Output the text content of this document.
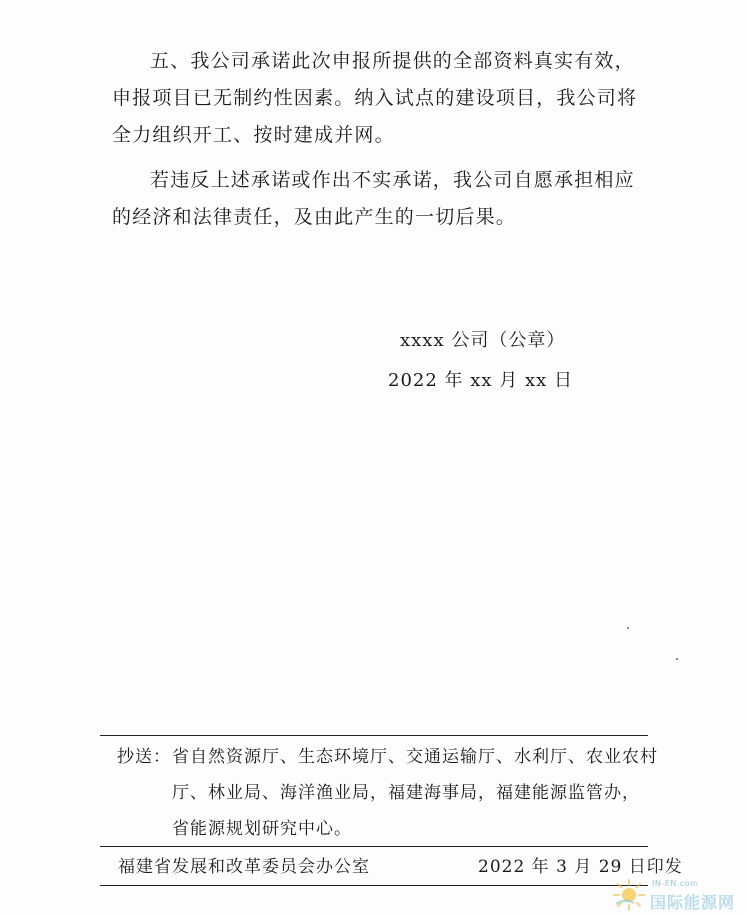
五、我公司承诺此次申报所提供的全部资料真实有效，
申报项目已无制约性因素。纳入试点的建设项目，我公司将
全力组织开工、按时建成并网。

若违反上述承诺或作出不实承诺，我公司自愿承担相应
的经济和法律责任，及由此产生的一切后果。

xxxx 公司（公章）
2022 年 xx 月 xx 日
抄送： 省自然资源厅、生态环境厅、交通运输厅、水利厅、农业农村
厅、林业局、海洋渔业局，福建海事局，福建能源监管办，
省能源规划研究中心。
福建省发展和改革委员会办公室	2022 年 3 月 29 日印发
IN-EN.com
国际能源网
